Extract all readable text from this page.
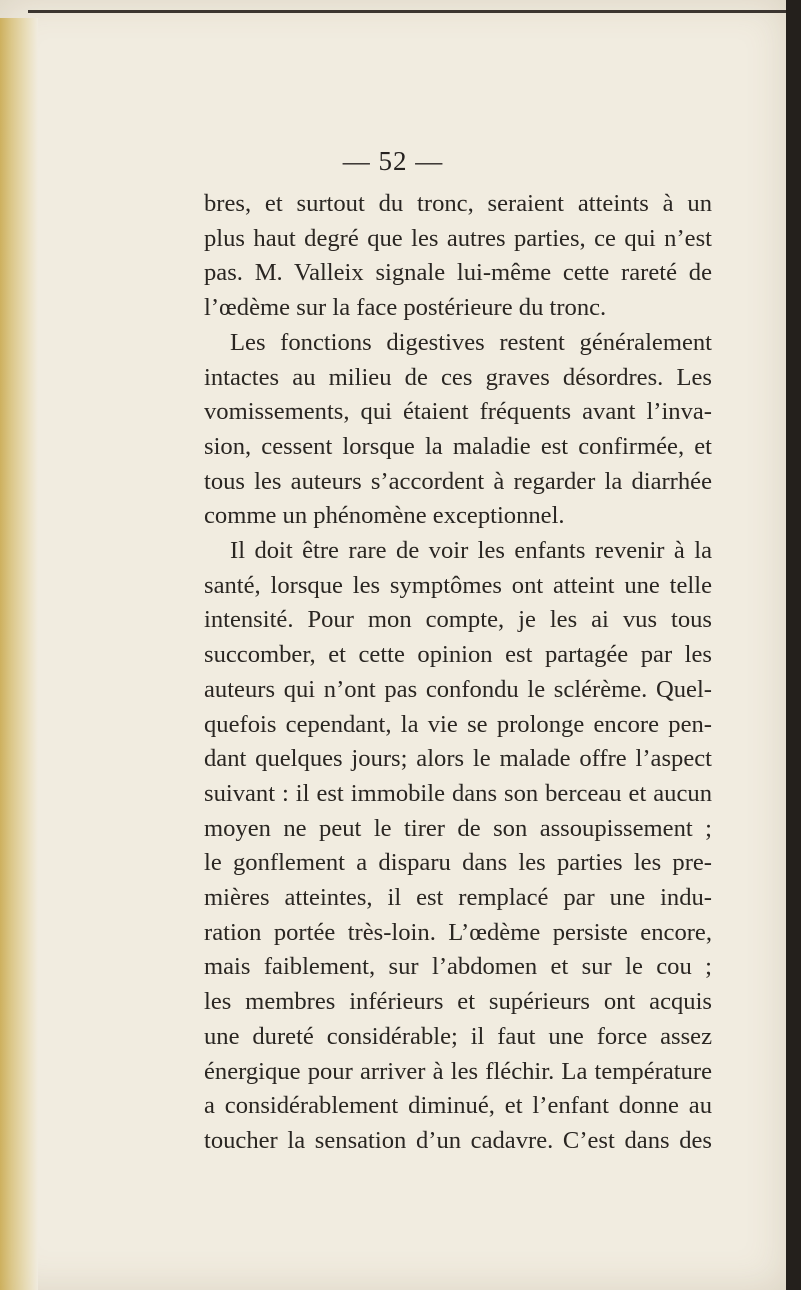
— 52 —
bres, et surtout du tronc, seraient atteints à un
plus haut degré que les autres parties, ce qui n’est
pas. M. Valleix signale lui-même cette rareté de
l’œdème sur la face postérieure du tronc.
Les fonctions digestives restent généralement
intactes au milieu de ces graves désordres. Les
vomissements, qui étaient fréquents avant l’inva-
sion, cessent lorsque la maladie est confirmée, et
tous les auteurs s’accordent à regarder la diarrhée
comme un phénomène exceptionnel.
Il doit être rare de voir les enfants revenir à la
santé, lorsque les symptômes ont atteint une telle
intensité. Pour mon compte, je les ai vus tous
succomber, et cette opinion est partagée par les
auteurs qui n’ont pas confondu le sclérème. Quel-
quefois cependant, la vie se prolonge encore pen-
dant quelques jours; alors le malade offre l’aspect
suivant : il est immobile dans son berceau et aucun
moyen ne peut le tirer de son assoupissement ;
le gonflement a disparu dans les parties les pre-
mières atteintes, il est remplacé par une indu-
ration portée très-loin. L’œdème persiste encore,
mais faiblement, sur l’abdomen et sur le cou ;
les membres inférieurs et supérieurs ont acquis
une dureté considérable; il faut une force assez
énergique pour arriver à les fléchir. La température
a considérablement diminué, et l’enfant donne au
toucher la sensation d’un cadavre. C’est dans des
